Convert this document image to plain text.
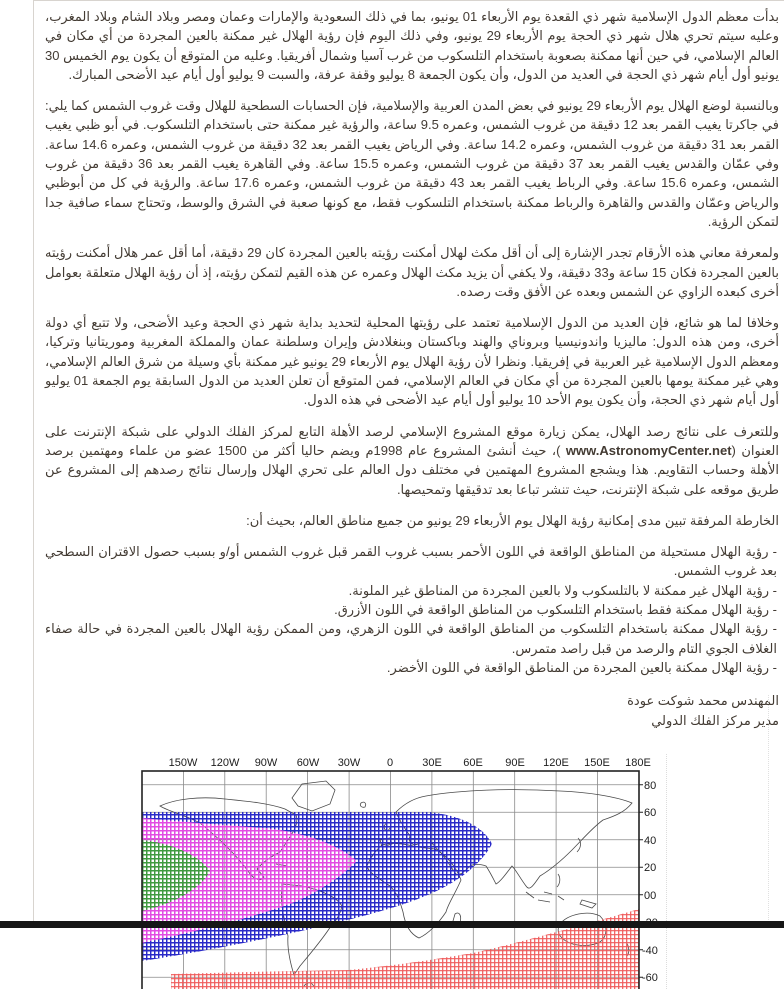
بدأت معظم الدول الإسلامية شهر ذي القعدة يوم الأربعاء 01 يونيو، بما في ذلك السعودية والإمارات وعمان ومصر وبلاد الشام وبلاد المغرب، وعليه سيتم تحري هلال شهر ذي الحجة يوم الأربعاء 29 يونيو، وفي ذلك اليوم فإن رؤية الهلال غير ممكنة بالعين المجردة من أي مكان في العالم الإسلامي، في حين أنها ممكنة بصعوبة باستخدام التلسكوب من غرب آسيا وشمال أفريقيا. وعليه من المتوقع أن يكون يوم الخميس 30 يونيو أول أيام شهر ذي الحجة في العديد من الدول، وأن يكون الجمعة 8 يوليو وقفة عرفة، والسبت 9 يوليو أول أيام عيد الأضحى المبارك.

وبالنسبة لوضع الهلال يوم الأربعاء 29 يونيو في بعض المدن العربية والإسلامية، فإن الحسابات السطحية للهلال وقت غروب الشمس كما يلي: في جاكرتا يغيب القمر بعد 12 دقيقة من غروب الشمس، وعمره 9.5 ساعة، والرؤية غير ممكنة حتى باستخدام التلسكوب. في أبو ظبي يغيب القمر بعد 31 دقيقة من غروب الشمس، وعمره 14.2 ساعة. وفي الرياض يغيب القمر بعد 32 دقيقة من غروب الشمس، وعمره 14.6 ساعة. وفي عمّان والقدس يغيب القمر بعد 37 دقيقة من غروب الشمس، وعمره 15.5 ساعة. وفي القاهرة يغيب القمر بعد 36 دقيقة من غروب الشمس، وعمره 15.6 ساعة. وفي الرباط يغيب القمر بعد 43 دقيقة من غروب الشمس، وعمره 17.6 ساعة. والرؤية في كل من أبوظبي والرياض وعمّان والقدس والقاهرة والرباط ممكنة باستخدام التلسكوب فقط، مع كونها صعبة في الشرق والوسط، وتحتاج سماء صافية جدا لتمكن الرؤية.

ولمعرفة معاني هذه الأرقام تجدر الإشارة إلى أن أقل مكث لهلال أمكنت رؤيته بالعين المجردة كان 29 دقيقة، أما أقل عمر هلال أمكنت رؤيته بالعين المجردة فكان 15 ساعة و33 دقيقة، ولا يكفي أن يزيد مكث الهلال وعمره عن هذه القيم لتمكن رؤيته، إذ أن رؤية الهلال متعلقة بعوامل أخرى كبعده الزاوي عن الشمس وبعده عن الأفق وقت رصده.

وخلافا لما هو شائع، فإن العديد من الدول الإسلامية تعتمد على رؤيتها المحلية لتحديد بداية شهر ذي الحجة وعيد الأضحى، ولا تتبع أي دولة أخرى، ومن هذه الدول: ماليزيا واندونيسيا وبروناي والهند وباكستان وبنغلادش وإيران وسلطنة عمان والمملكة المغربية وموريتانيا وتركيا، ومعظم الدول الإسلامية غير العربية في إفريقيا. ونظرا لأن رؤية الهلال يوم الأربعاء 29 يونيو غير ممكنة بأي وسيلة من شرق العالم الإسلامي، وهي غير ممكنة يومها بالعين المجردة من أي مكان في العالم الإسلامي، فمن المتوقع أن تعلن العديد من الدول السابقة يوم الجمعة 01 يوليو أول أيام شهر ذي الحجة، وأن يكون يوم الأحد 10 يوليو أول أيام عيد الأضحى في هذه الدول.

وللتعرف على نتائج رصد الهلال، يمكن زيارة موقع المشروع الإسلامي لرصد الأهلة التابع لمركز الفلك الدولي على شبكة الإنترنت على العنوان (www.AstronomyCenter.net )، حيث أنشئ المشروع عام 1998م ويضم حاليا أكثر من 1500 عضو من علماء ومهتمين برصد الأهلة وحساب التقاويم. هذا ويشجع المشروع المهتمين في مختلف دول العالم على تحري الهلال وإرسال نتائج رصدهم إلى المشروع عن طريق موقعه على شبكة الإنترنت، حيث تنشر تباعا بعد تدقيقها وتمحيصها.

الخارطة المرفقة تبين مدى إمكانية رؤية الهلال يوم الأربعاء 29 يونيو من جميع مناطق العالم، بحيث أن:

- رؤية الهلال مستحيلة من المناطق الواقعة في اللون الأحمر بسبب غروب القمر قبل غروب الشمس أو/و بسبب حصول الاقتران السطحي بعد غروب الشمس.
- رؤية الهلال غير ممكنة لا بالتلسكوب ولا بالعين المجردة من المناطق غير الملونة.
- رؤية الهلال ممكنة فقط باستخدام التلسكوب من المناطق الواقعة في اللون الأزرق.
- رؤية الهلال ممكنة باستخدام التلسكوب من المناطق الواقعة في اللون الزهري، ومن الممكن رؤية الهلال بالعين المجردة في حالة صفاء الغلاف الجوي التام والرصد من قبل راصد متمرس.
- رؤية الهلال ممكنة بالعين المجردة من المناطق الواقعة في اللون الأخضر.
المهندس محمد شوكت عودة
مدير مركز الفلك الدولي
150W 120W 90W 60W 30W 0	30E 60E 90E 120E 150E 180E
80
60
40
20
00
-40
-60
